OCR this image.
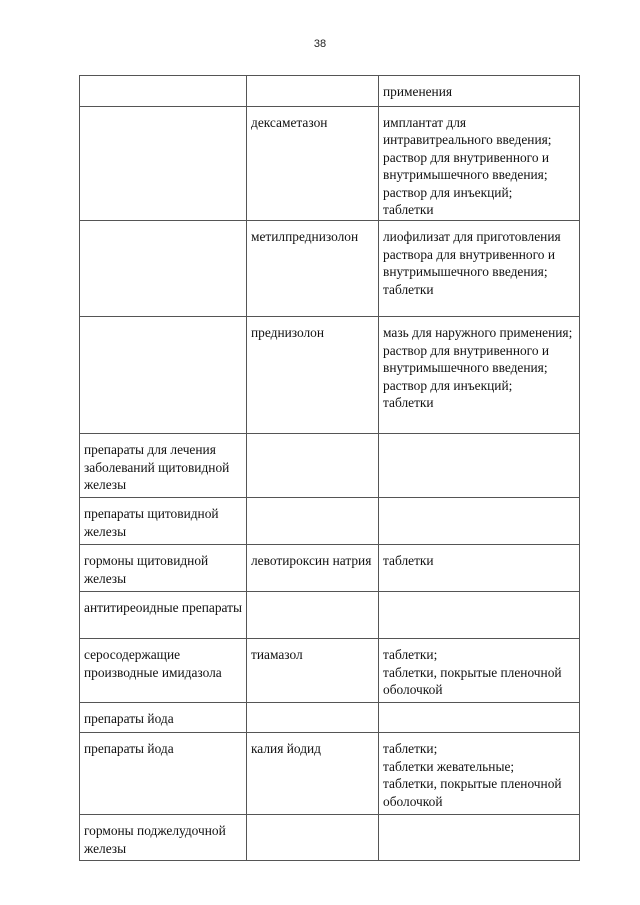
38
		применения
	дексаметазон	имплантат для интравитреального введения;
раствор для внутривенного и внутримышечного введения;
раствор для инъекций;
таблетки
	метилпреднизолон	лиофилизат для приготовления раствора для внутривенного и внутримышечного введения;
таблетки
	преднизолон	мазь для наружного применения;
раствор для внутривенного и внутримышечного введения;
раствор для инъекций;
таблетки
препараты для лечения заболеваний щитовидной железы		
препараты щитовидной железы		
гормоны щитовидной железы	левотироксин натрия	таблетки
антитиреоидные препараты		
серосодержащие производные имидазола	тиамазол	таблетки;
таблетки, покрытые пленочной оболочкой
препараты йода		
препараты йода	калия йодид	таблетки;
таблетки жевательные;
таблетки, покрытые пленочной оболочкой
гормоны поджелудочной железы		
